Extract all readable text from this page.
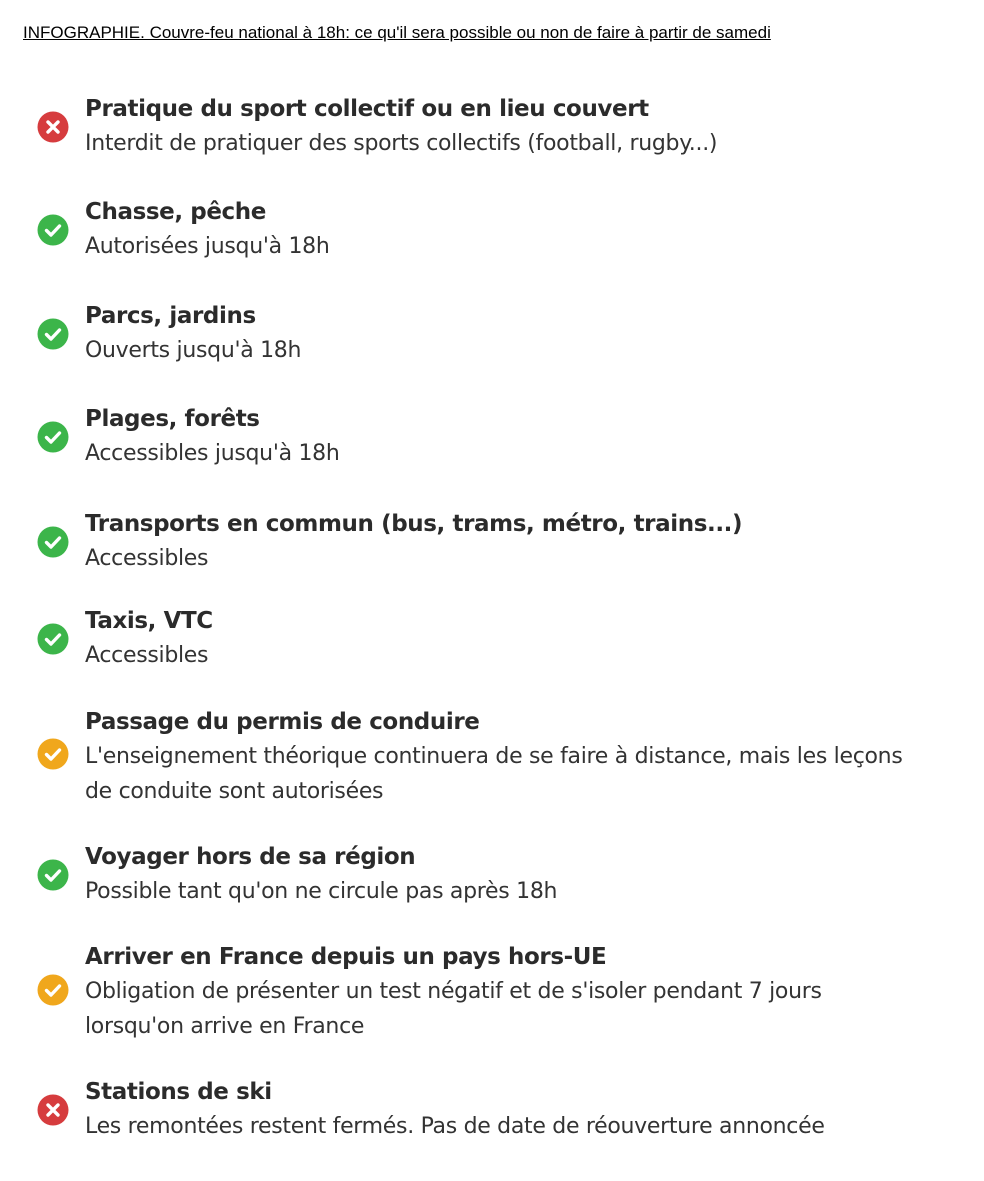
INFOGRAPHIE. Couvre-feu national à 18h: ce qu'il sera possible ou non de faire à partir de samedi
Pratique du sport collectif ou en lieu couvert
Interdit de pratiquer des sports collectifs (football, rugby...)
Chasse, pêche
Autorisées jusqu'à 18h
Parcs, jardins
Ouverts jusqu'à 18h
Plages, forêts
Accessibles jusqu'à 18h
Transports en commun (bus, trams, métro, trains...)
Accessibles
Taxis, VTC
Accessibles
Passage du permis de conduire
L'enseignement théorique continuera de se faire à distance, mais les leçons de conduite sont autorisées
Voyager hors de sa région
Possible tant qu'on ne circule pas après 18h
Arriver en France depuis un pays hors-UE
Obligation de présenter un test négatif et de s'isoler pendant 7 jours lorsqu'on arrive en France
Stations de ski
Les remontées restent fermés. Pas de date de réouverture annoncée
